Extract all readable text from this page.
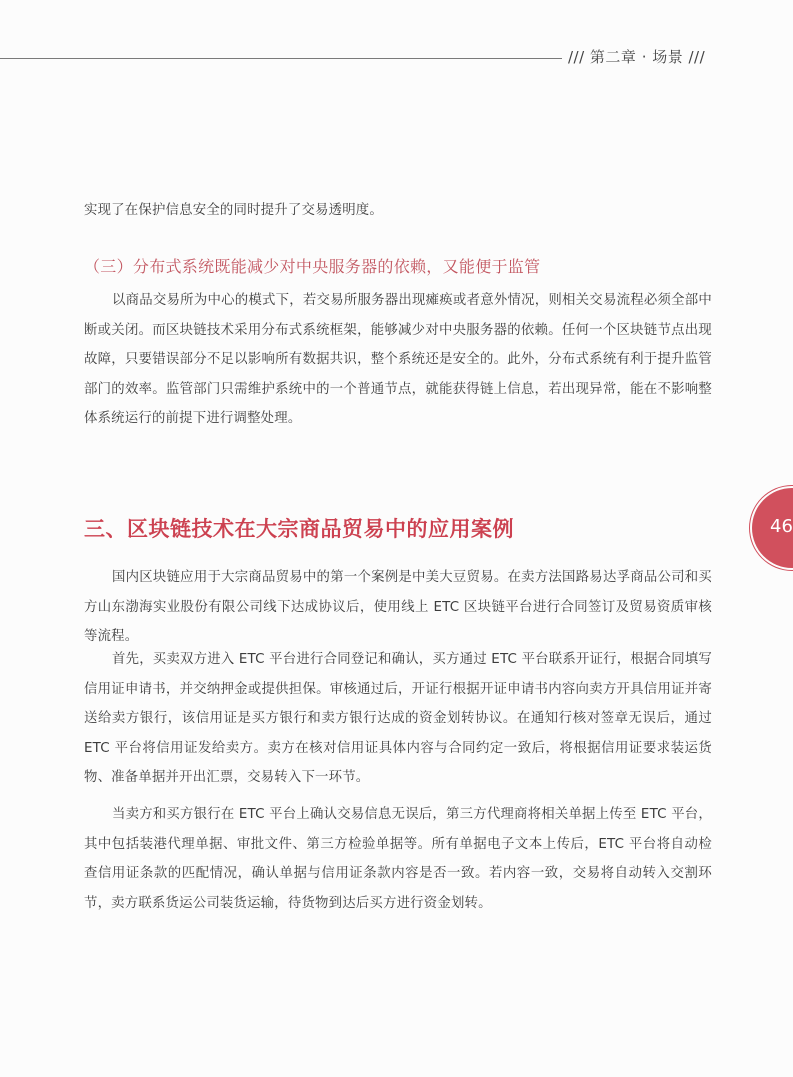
/// 第二章 · 场景 ///

实现了在保护信息安全的同时提升了交易透明度。

（三）分布式系统既能减少对中央服务器的依赖，又能便于监管

以商品交易所为中心的模式下，若交易所服务器出现瘫痪或者意外情况，则相关交易流程必须全部中断或关闭。而区块链技术采用分布式系统框架，能够减少对中央服务器的依赖。任何一个区块链节点出现故障，只要错误部分不足以影响所有数据共识，整个系统还是安全的。此外，分布式系统有利于提升监管部门的效率。监管部门只需维护系统中的一个普通节点，就能获得链上信息，若出现异常，能在不影响整体系统运行的前提下进行调整处理。

三、区块链技术在大宗商品贸易中的应用案例

国内区块链应用于大宗商品贸易中的第一个案例是中美大豆贸易。在卖方法国路易达孚商品公司和买方山东渤海实业股份有限公司线下达成协议后，使用线上 ETC 区块链平台进行合同签订及贸易资质审核等流程。

首先，买卖双方进入 ETC 平台进行合同登记和确认，买方通过 ETC 平台联系开证行，根据合同填写信用证申请书，并交纳押金或提供担保。审核通过后，开证行根据开证申请书内容向卖方开具信用证并寄送给卖方银行，该信用证是买方银行和卖方银行达成的资金划转协议。在通知行核对签章无误后，通过 ETC 平台将信用证发给卖方。卖方在核对信用证具体内容与合同约定一致后，将根据信用证要求装运货物、准备单据并开出汇票，交易转入下一环节。

当卖方和买方银行在 ETC 平台上确认交易信息无误后，第三方代理商将相关单据上传至 ETC 平台，其中包括装港代理单据、审批文件、第三方检验单据等。所有单据电子文本上传后，ETC 平台将自动检查信用证条款的匹配情况，确认单据与信用证条款内容是否一致。若内容一致，交易将自动转入交割环节，卖方联系货运公司装货运输，待货物到达后买方进行资金划转。

46
